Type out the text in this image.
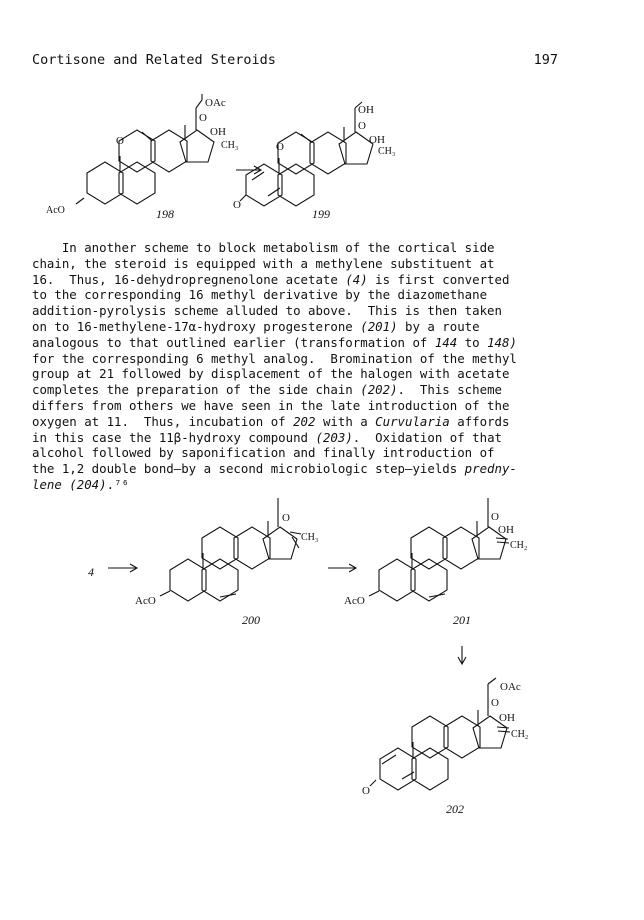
Cortisone and Related Steroids	197
OAc
O
OH
CH₃
O
AcO	198
OH
O
OH
CH₃
O
O
199
4
O
CH₃
AcO
200
O
OH
CH₂
AcO
201
OAc
O
OH
CH₂
O
202

In another scheme to block metabolism of the cortical side
chain, the steroid is equipped with a methylene substituent at
16.  Thus, 16-dehydropregnenolone acetate (4) is first converted
to the corresponding 16 methyl derivative by the diazomethane
addition-pyrolysis scheme alluded to above.  This is then taken
on to 16-methylene-17α-hydroxy progesterone (201) by a route
analogous to that outlined earlier (transformation of 144 to 148)
for the corresponding 6 methyl analog.  Bromination of the methyl
group at 21 followed by displacement of the halogen with acetate
completes the preparation of the side chain (202).  This scheme
differs from others we have seen in the late introduction of the
oxygen at 11.  Thus, incubation of 202 with a Curvularia affords
in this case the 11β-hydroxy compound (203).  Oxidation of that
alcohol followed by saponification and finally introduction of
the 1,2 double bond—by a second microbiologic step—yields predny-
lene (204).⁷⁶
